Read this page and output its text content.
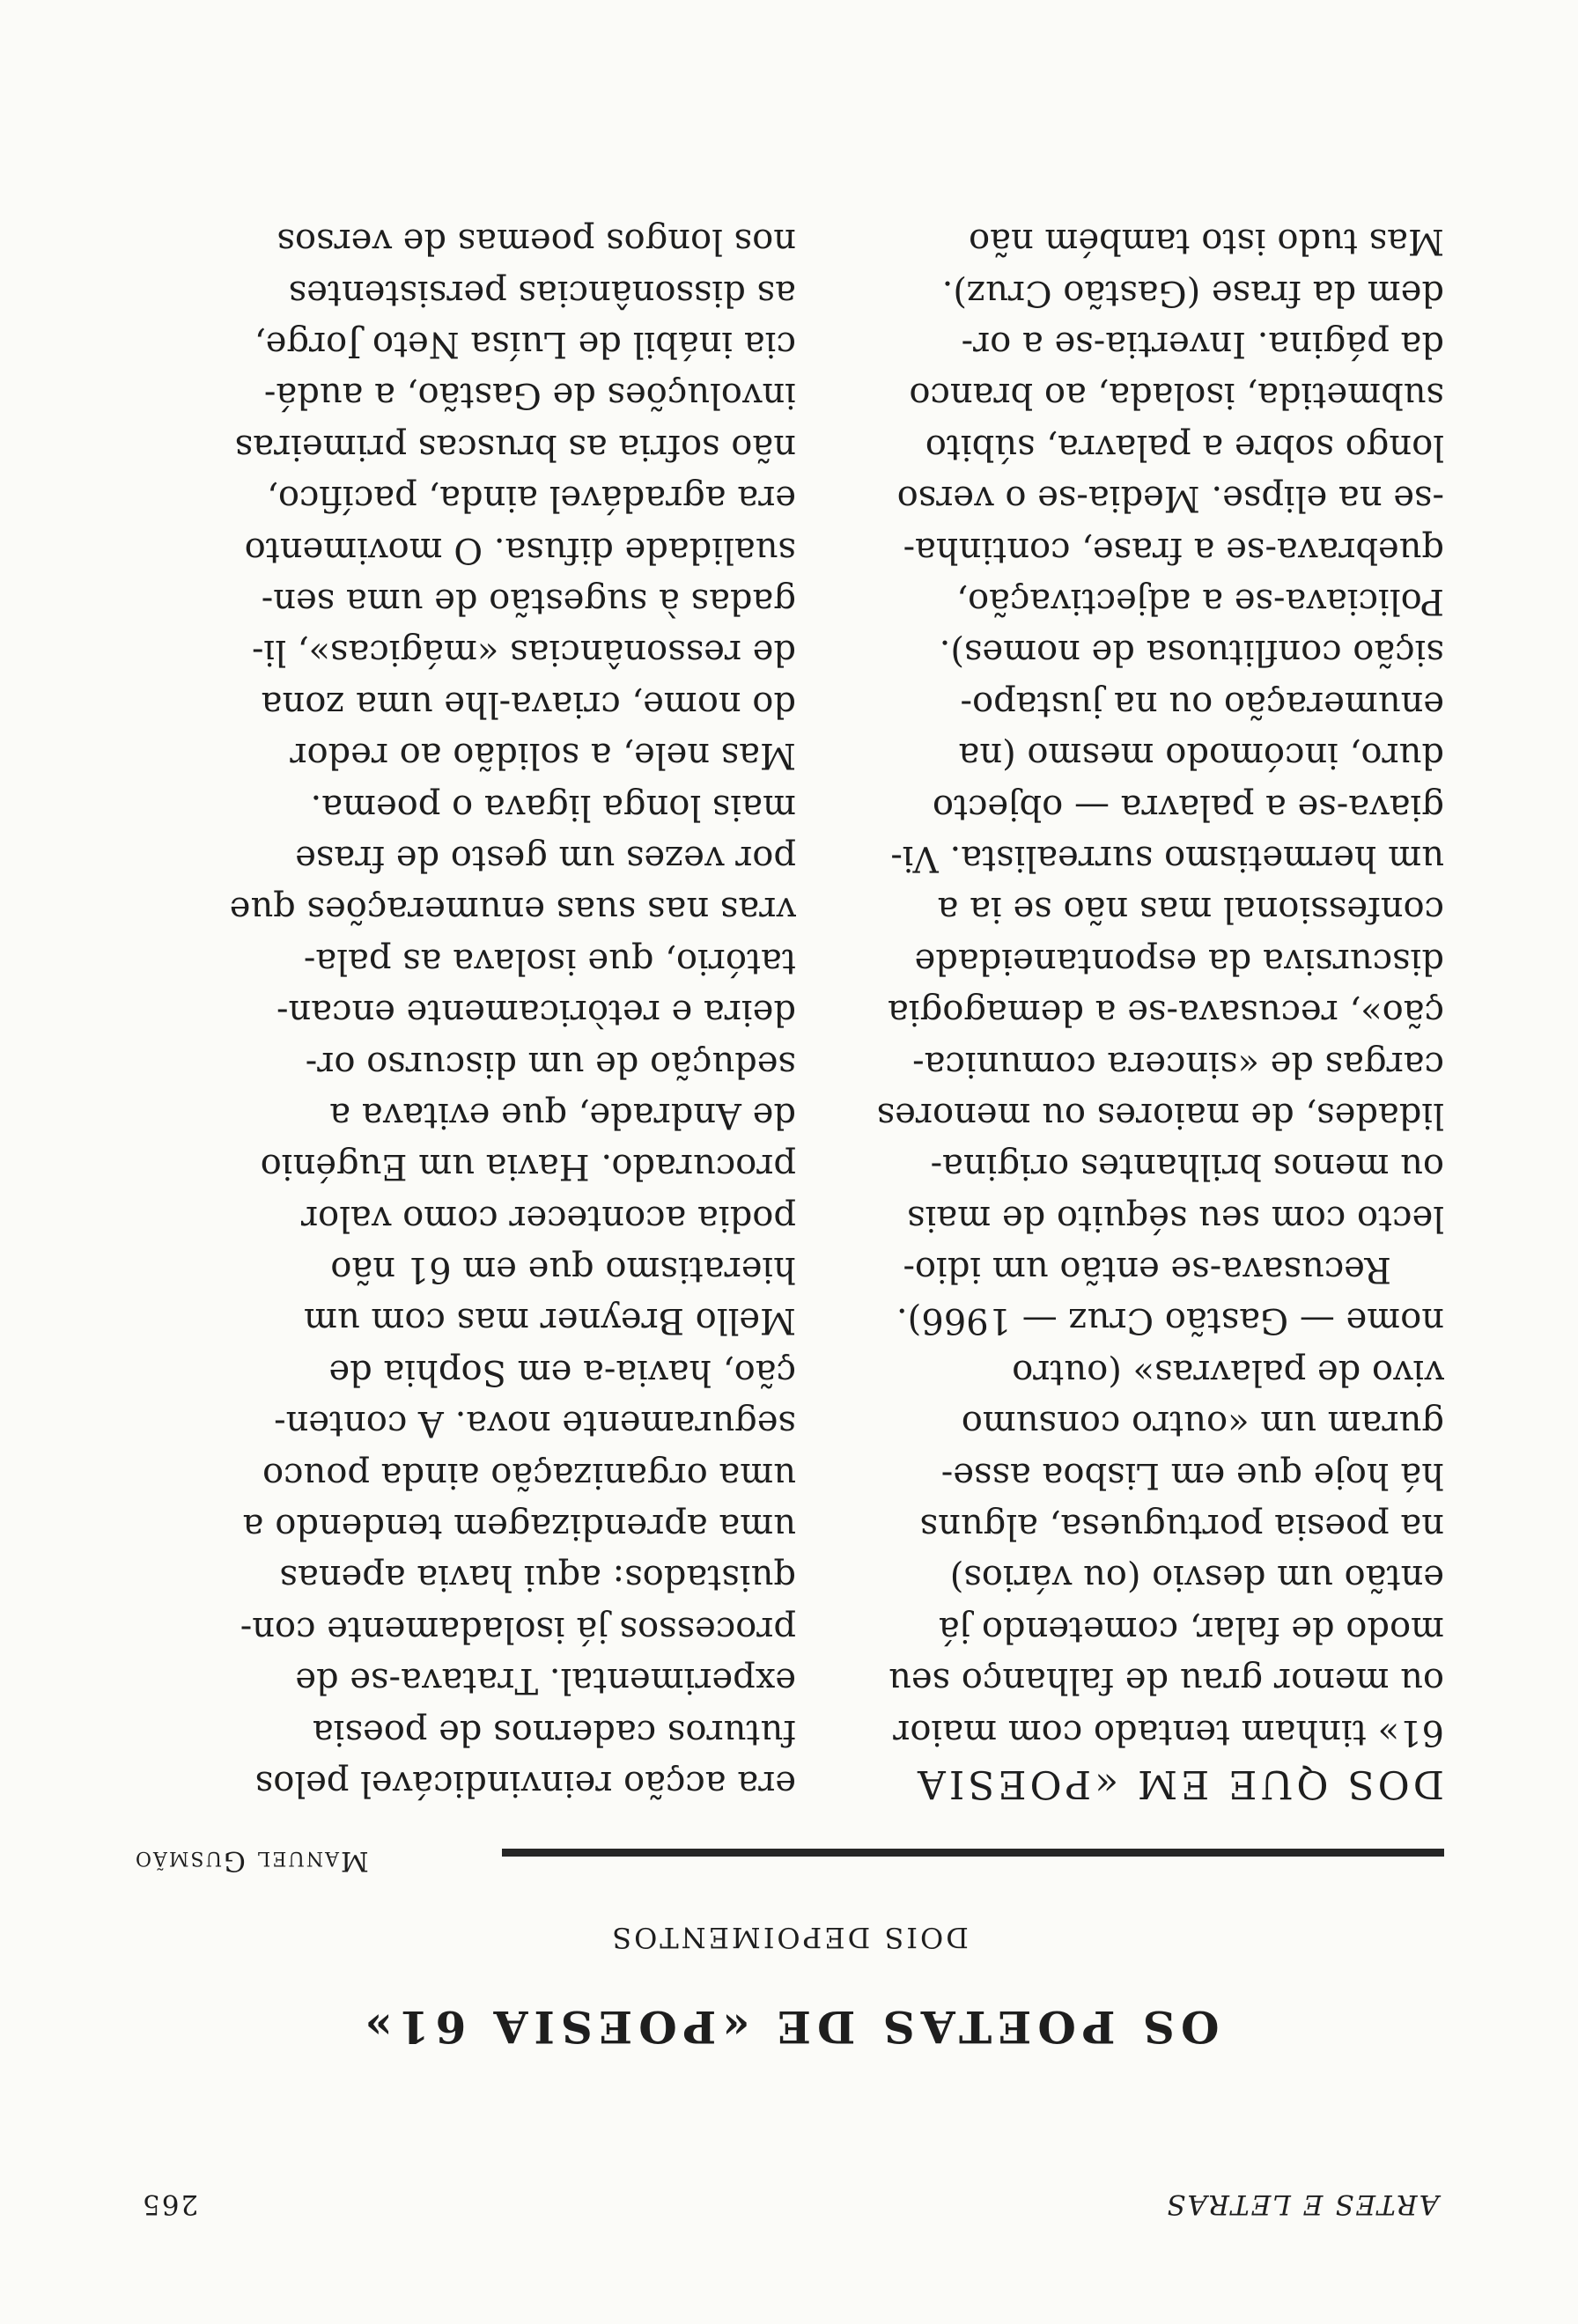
ARTES E LETRAS
265
OS POETAS DE «POESIA 61»
DOIS DEPOIMENTOS
Manuel Gusmão
DOS QUE EM «POESIA
61» tinham tentado com maior
ou menor grau de falhanço seu
modo de falar, cometendo já
então um desvio (ou vários)
na poesia portuguesa, alguns
há hoje que em Lisboa asse-
guram um «outro consumo
vivo de palavras» (outro
nome — Gastão Cruz — 1966).
Recusava-se então um idio-
lecto com seu séquito de mais
ou menos brilhantes origina-
lidades, de maiores ou menores
cargas de «sincera comunica-
ção», recusava-se a demagogia
discursiva da espontaneidade
confessional mas não se ia a
um hermetismo surrealista. Vi-
giava-se a palavra — objecto
duro, incómodo mesmo (na
enumeração ou na justapo-
sição conflituosa de nomes).
Policiava-se a adjectivação,
quebrava-se a frase, continha-
-se na elipse. Media-se o verso
longo sobre a palavra, súbito
submetida, isolada, ao branco
da página. Invertia-se a or-
dem da frase (Gastão Cruz).
Mas tudo isto também não
era acção reinvindicável pelos
futuros cadernos de poesia
experimental. Tratava-se de
processos já isoladamente con-
quistados: aqui havia apenas
uma aprendizagem tendendo a
uma organização ainda pouco
seguramente nova. A conten-
ção, havia-a em Sophia de
Mello Breyner mas com um
hieratismo que em 61 não
podia acontecer como valor
procurado. Havia um Eugénio
de Andrade, que evitava a
sedução de um discurso or-
deira e retòricamente encan-
tatório, que isolava as pala-
vras nas suas enumerações que
por vezes um gesto de frase
mais longa ligava o poema.
Mas nele, a solidão ao redor
do nome, criava-lhe uma zona
de ressonâncias «mágicas», li-
gadas à sugestão de uma sen-
sualidade difusa. O movimento
era agradável ainda, pacífico,
não sofria as bruscas primeiras
involuções de Gastão, a audá-
cia inábil de Luísa Neto Jorge,
as dissonâncias persistentes
nos longos poemas de versos
